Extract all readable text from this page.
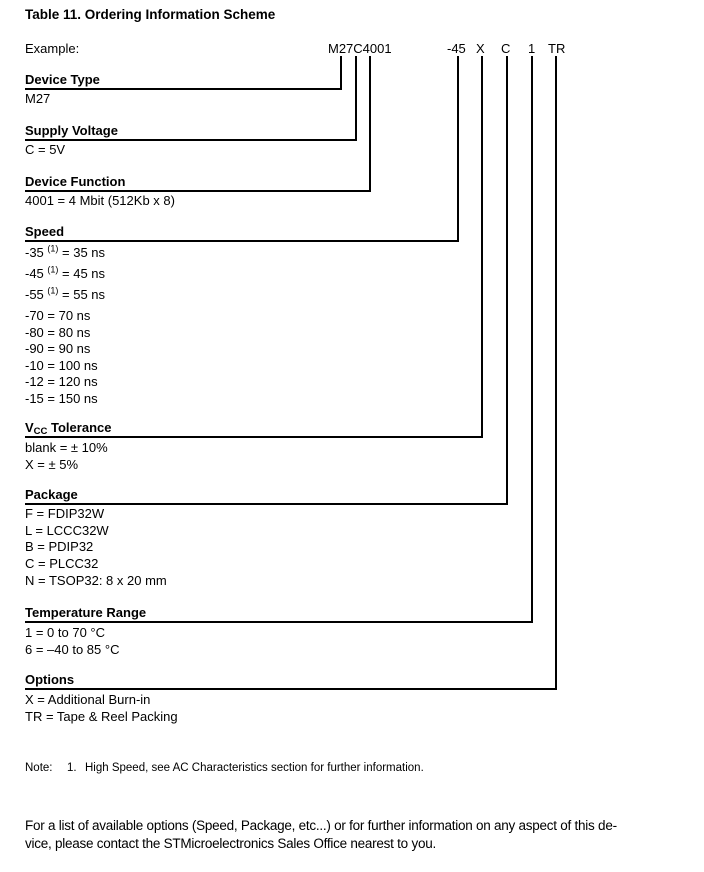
Table 11. Ordering Information Scheme
Example:	M27C4001	-45 X C 1 TR
Device Type
M27
Supply Voltage
C = 5V
Device Function
4001 = 4 Mbit (512Kb x 8)
Speed
-35 $^{(1)}$ = 35 ns
-45 $^{(1)}$ = 45 ns
-55 $^{(1)}$ = 55 ns
-70 = 70 ns
-80 = 80 ns
-90 = 90 ns
-10 = 100 ns
-12 = 120 ns
-15 = 150 ns
$V_{CC}$ Tolerance
blank = ± 10%
X = ± 5%
Package
F = FDIP32W
L = LCCC32W
B = PDIP32
C = PLCC32
N = TSOP32: 8 x 20 mm
Temperature Range
1 = 0 to 70 °C
6 = –40 to 85 °C
Options
X = Additional Burn-in
TR = Tape & Reel Packing
Note: 1. High Speed, see AC Characteristics section for further information.
For a list of available options (Speed, Package, etc...) or for further information on any aspect of this de-
vice, please contact the STMicroelectronics Sales Office nearest to you.
